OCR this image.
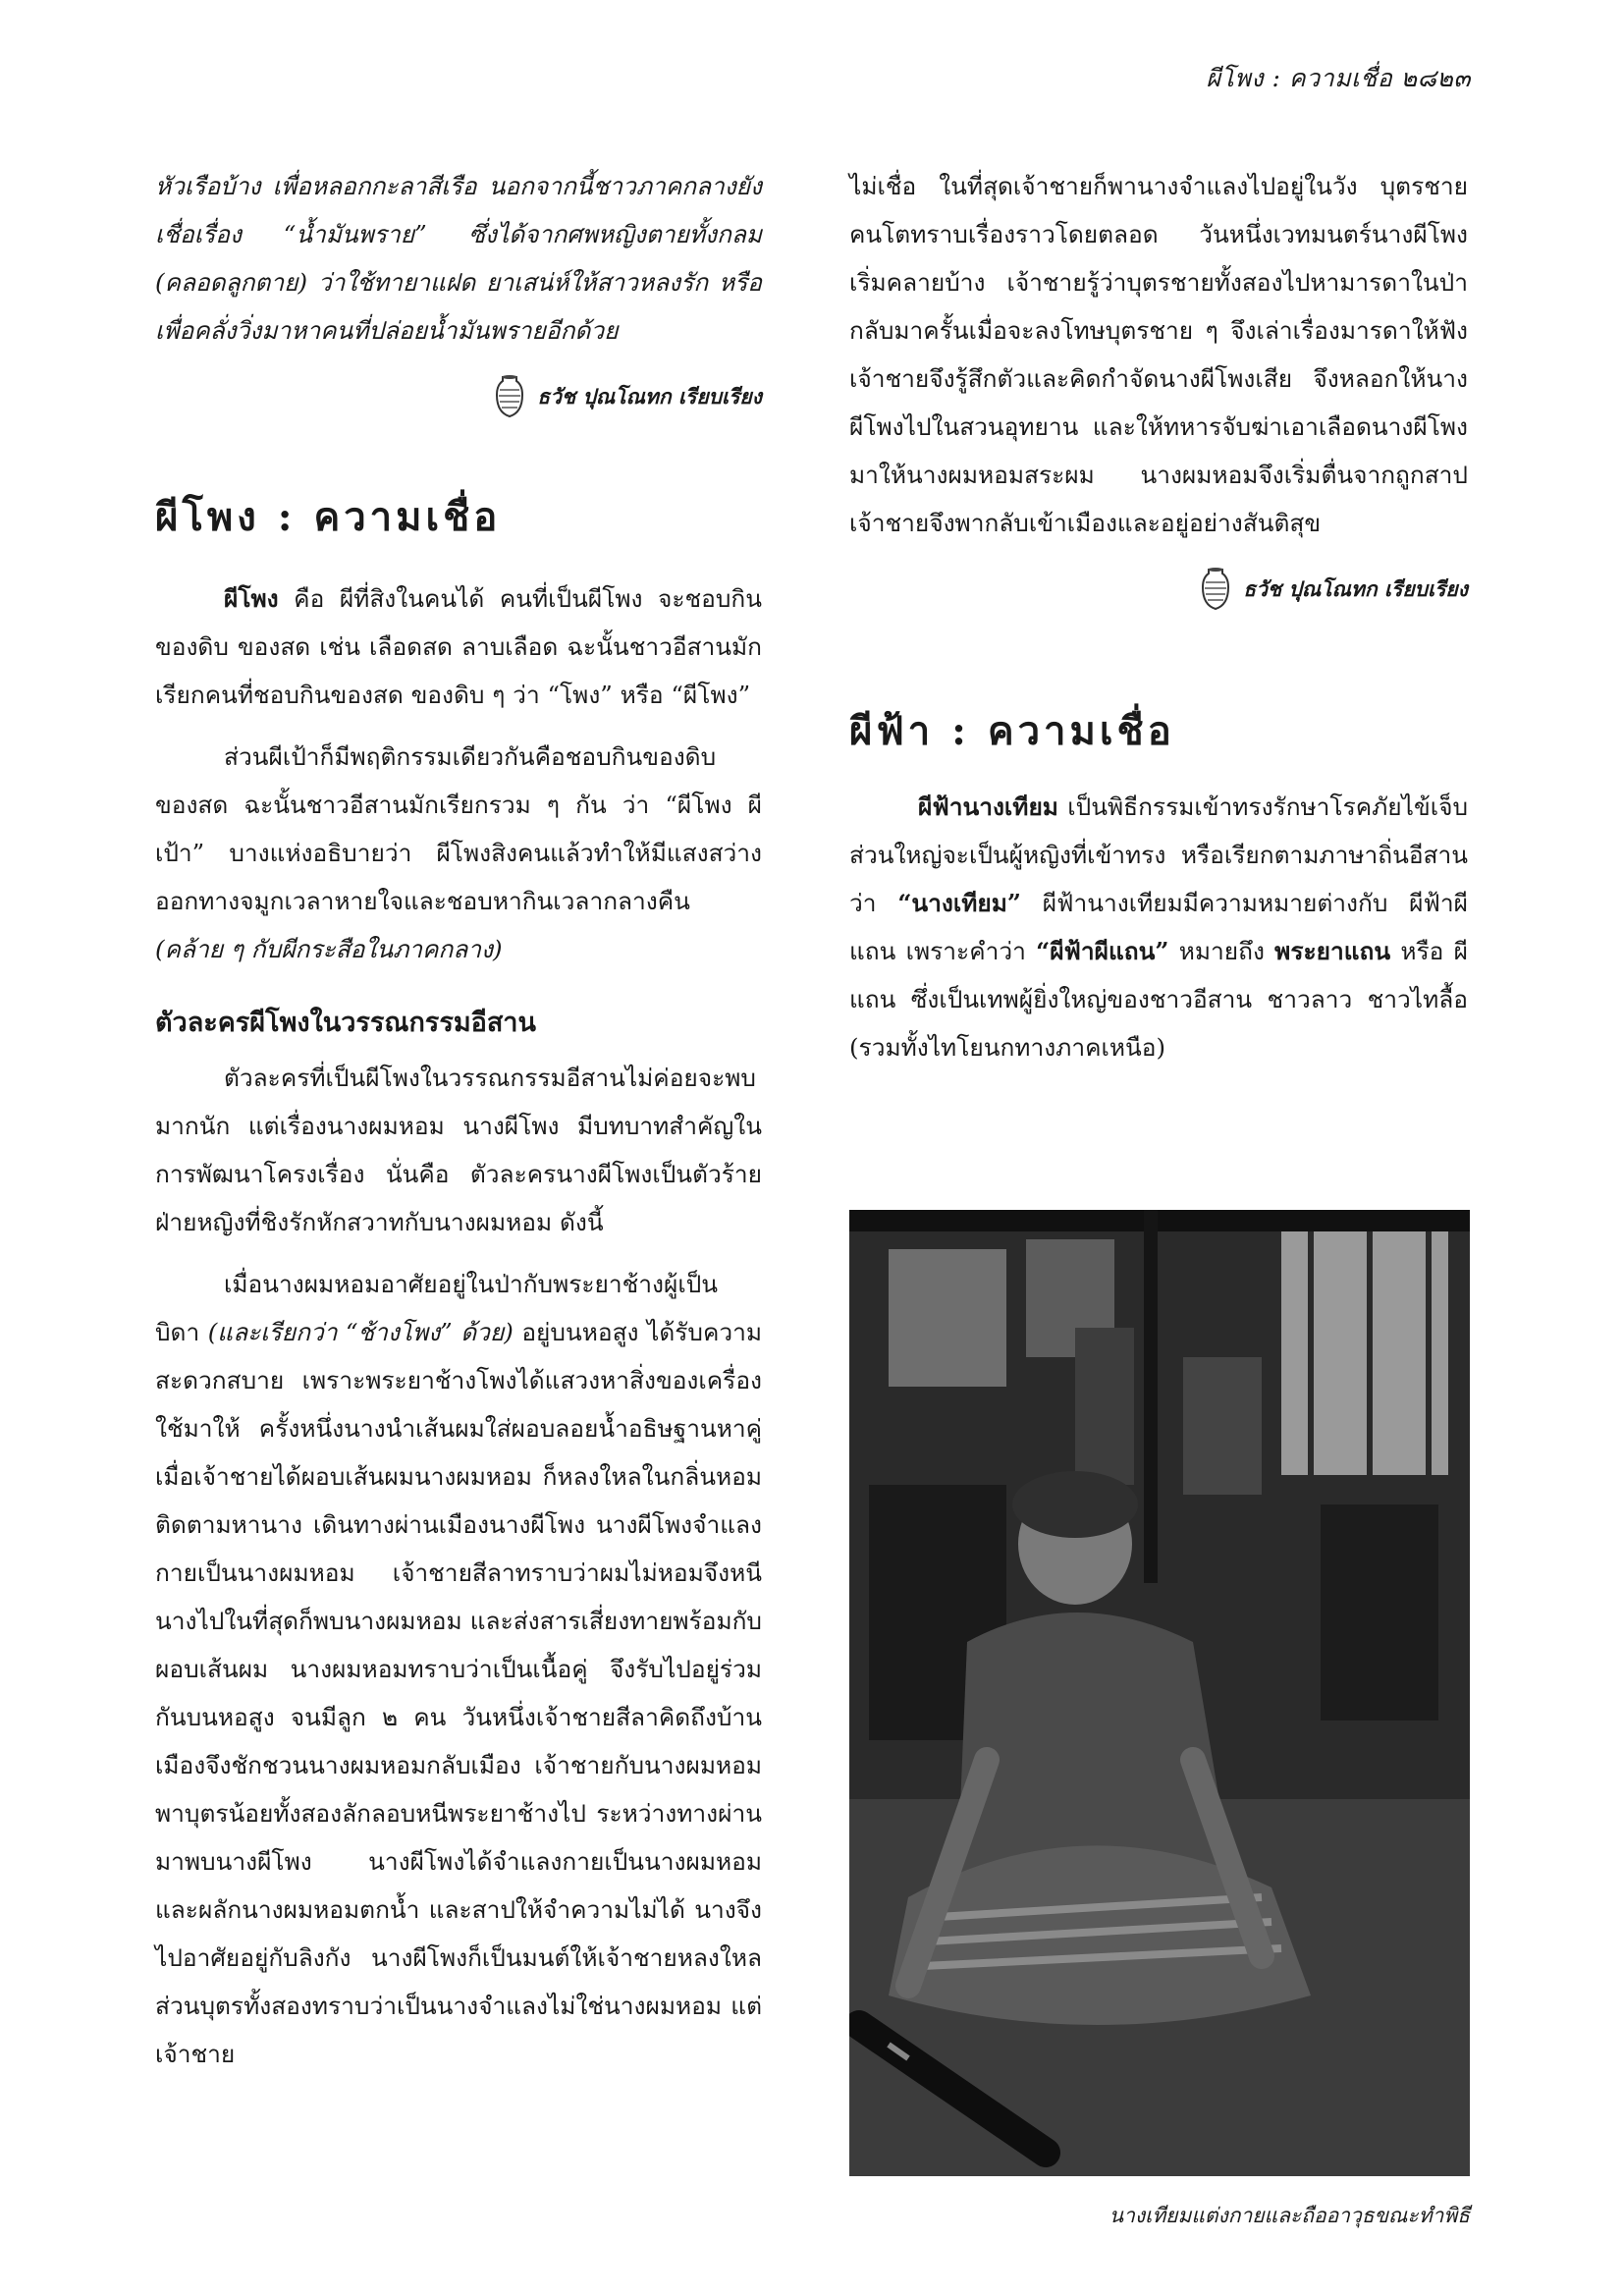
ผีโพง : ความเชื่อ ๒๘๒๓

หัวเรือบ้าง เพื่อหลอกกะลาสีเรือ นอกจากนี้ชาวภาคกลางยังเชื่อเรื่อง “น้ำมันพราย” ซึ่งได้จากศพหญิงตายทั้งกลม (คลอดลูกตาย) ว่าใช้ทายาแฝด ยาเสน่ห์ให้สาวหลงรัก หรือเพื่อคลั่งวิ่งมาหาคนที่ปล่อยน้ำมันพรายอีกด้วย

ธวัช ปุณโณทก เรียบเรียง
ผีโพง : ความเชื่อ

ผีโพง คือ ผีที่สิงในคนได้ คนที่เป็นผีโพง จะชอบกินของดิบ ของสด เช่น เลือดสด ลาบเลือด ฉะนั้นชาวอีสานมักเรียกคนที่ชอบกินของสด ของดิบ ๆ ว่า “โพง” หรือ “ผีโพง”

ส่วนผีเป้าก็มีพฤติกรรมเดียวกันคือชอบกินของดิบของสด ฉะนั้นชาวอีสานมักเรียกรวม ๆ กัน ว่า “ผีโพง ผีเป้า” บางแห่งอธิบายว่า ผีโพงสิงคนแล้วทำให้มีแสงสว่างออกทางจมูกเวลาหายใจและชอบหากินเวลากลางคืน (คล้าย ๆ กับผีกระสือในภาคกลาง)

ตัวละครผีโพงในวรรณกรรมอีสาน

ตัวละครที่เป็นผีโพงในวรรณกรรมอีสานไม่ค่อยจะพบมากนัก แต่เรื่องนางผมหอม นางผีโพง มีบทบาทสำคัญในการพัฒนาโครงเรื่อง นั่นคือ ตัวละครนางผีโพงเป็นตัวร้ายฝ่ายหญิงที่ชิงรักหักสวาทกับนางผมหอม ดังนี้

เมื่อนางผมหอมอาศัยอยู่ในป่ากับพระยาช้างผู้เป็นบิดา (และเรียกว่า “ช้างโพง” ด้วย) อยู่บนหอสูง ได้รับความสะดวกสบาย เพราะพระยาช้างโพงได้แสวงหาสิ่งของเครื่องใช้มาให้ ครั้งหนึ่งนางนำเส้นผมใส่ผอบลอยน้ำอธิษฐานหาคู่ เมื่อเจ้าชายได้ผอบเส้นผมนางผมหอม ก็หลงใหลในกลิ่นหอมติดตามหานาง เดินทางผ่านเมืองนางผีโพง นางผีโพงจำแลงกายเป็นนางผมหอม เจ้าชายสีลาทราบว่าผมไม่หอมจึงหนีนางไปในที่สุดก็พบนางผมหอม และส่งสารเสี่ยงทายพร้อมกับผอบเส้นผม นางผมหอมทราบว่าเป็นเนื้อคู่ จึงรับไปอยู่ร่วมกันบนหอสูง จนมีลูก ๒ คน วันหนึ่งเจ้าชายสีลาคิดถึงบ้านเมืองจึงชักชวนนางผมหอมกลับเมือง เจ้าชายกับนางผมหอมพาบุตรน้อยทั้งสองลักลอบหนีพระยาช้างไป ระหว่างทางผ่านมาพบนางผีโพง นางผีโพงได้จำแลงกายเป็นนางผมหอม และผลักนางผมหอมตกน้ำ และสาปให้จำความไม่ได้ นางจึงไปอาศัยอยู่กับลิงกัง นางผีโพงก็เป็นมนต์ให้เจ้าชายหลงใหล ส่วนบุตรทั้งสองทราบว่าเป็นนางจำแลงไม่ใช่นางผมหอม แต่เจ้าชาย

ไม่เชื่อ ในที่สุดเจ้าชายก็พานางจำแลงไปอยู่ในวัง บุตรชายคนโตทราบเรื่องราวโดยตลอด วันหนึ่งเวทมนตร์นางผีโพงเริ่มคลายบ้าง เจ้าชายรู้ว่าบุตรชายทั้งสองไปหามารดาในป่ากลับมาครั้นเมื่อจะลงโทษบุตรชาย ๆ จึงเล่าเรื่องมารดาให้ฟัง เจ้าชายจึงรู้สึกตัวและคิดกำจัดนางผีโพงเสีย จึงหลอกให้นางผีโพงไปในสวนอุทยาน และให้ทหารจับฆ่าเอาเลือดนางผีโพงมาให้นางผมหอมสระผม นางผมหอมจึงเริ่มตื่นจากถูกสาป เจ้าชายจึงพากลับเข้าเมืองและอยู่อย่างสันติสุข

ธวัช ปุณโณทก เรียบเรียง
ผีฟ้า : ความเชื่อ

ผีฟ้านางเทียม เป็นพิธีกรรมเข้าทรงรักษาโรคภัยไข้เจ็บส่วนใหญ่จะเป็นผู้หญิงที่เข้าทรง หรือเรียกตามภาษาถิ่นอีสานว่า “นางเทียม” ผีฟ้านางเทียมมีความหมายต่างกับ ผีฟ้าผีแถน เพราะคำว่า “ผีฟ้าผีแถน” หมายถึง พระยาแถน หรือ ผีแถน ซึ่งเป็นเทพผู้ยิ่งใหญ่ของชาวอีสาน ชาวลาว ชาวไทลื้อ (รวมทั้งไทโยนกทางภาคเหนือ)

นางเทียมแต่งกายและถืออาวุธขณะทำพิธี
